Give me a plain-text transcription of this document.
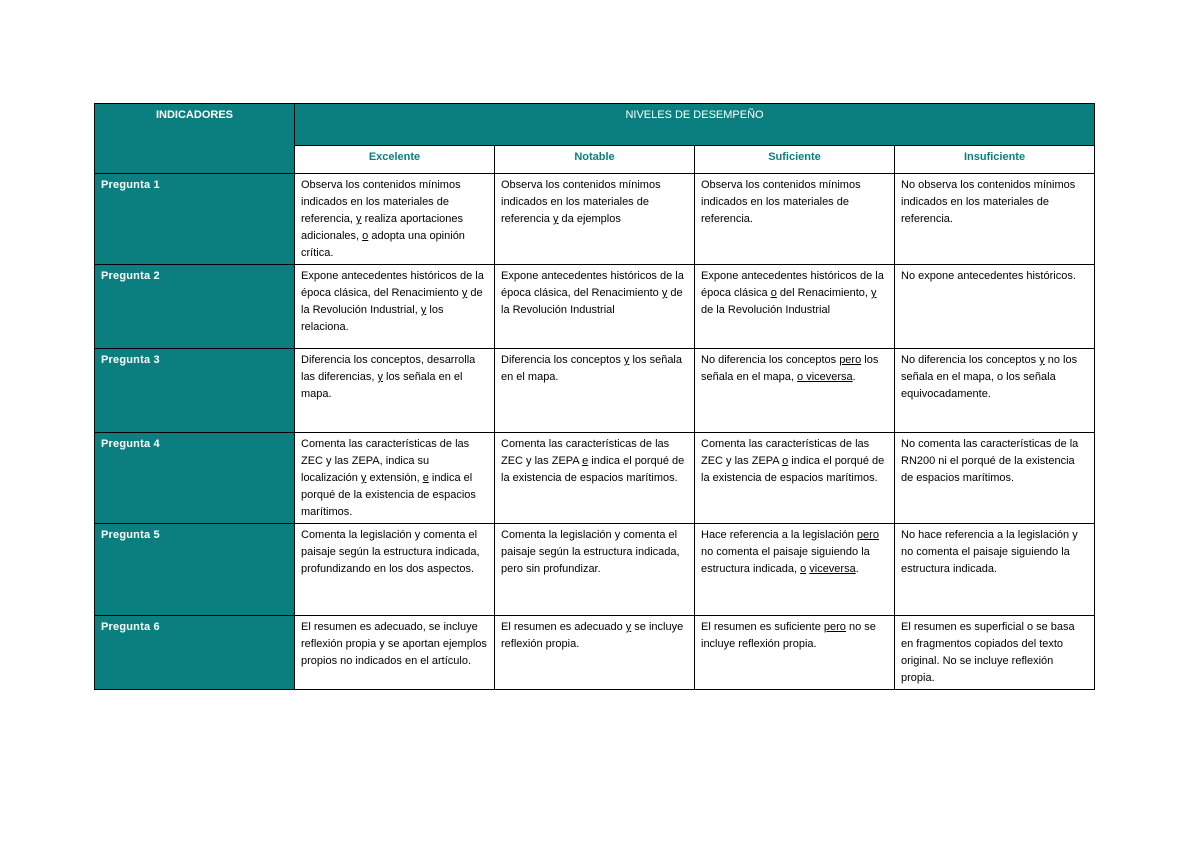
INDICADORES	NIVELES DE DESEMPEÑO			
	Excelente	Notable	Suficiente	Insuficiente
Pregunta 1	Observa los contenidos mínimos indicados en los materiales de referencia, y realiza aportaciones adicionales, o adopta una opinión crítica.	Observa los contenidos mínimos indicados en los materiales de referencia y da ejemplos	Observa los contenidos mínimos indicados en los materiales de referencia.	No observa los contenidos mínimos indicados en los materiales de referencia.
Pregunta 2	Expone antecedentes históricos de la época clásica, del Renacimiento y de la Revolución Industrial, y los relaciona.	Expone antecedentes históricos de la época clásica, del Renacimiento y de la Revolución Industrial	Expone antecedentes históricos de la época clásica o del Renacimiento, y de la Revolución Industrial	No expone antecedentes históricos.
Pregunta 3	Diferencia los conceptos, desarrolla las diferencias, y los señala en el mapa.	Diferencia los conceptos y los señala en el mapa.	No diferencia los conceptos pero los señala en el mapa, o viceversa.	No diferencia los conceptos y no los señala en el mapa, o los señala equivocadamente.
Pregunta 4	Comenta las características de las ZEC y las ZEPA, indica su localización y extensión, e indica el porqué de la existencia de espacios marítimos.	Comenta las características de las ZEC y las ZEPA e indica el porqué de la existencia de espacios marítimos.	Comenta las características de las ZEC y las ZEPA o indica el porqué de la existencia de espacios marítimos.	No comenta las características de la RN200 ni el porqué de la existencia de espacios marítimos.
Pregunta 5	Comenta la legislación y comenta el paisaje según la estructura indicada, profundizando en los dos aspectos.	Comenta la legislación y comenta el paisaje según la estructura indicada, pero sin profundizar.	Hace referencia a la legislación pero no comenta el paisaje siguiendo la estructura indicada, o viceversa.	No hace referencia a la legislación y no comenta el paisaje siguiendo la estructura indicada.
Pregunta 6	El resumen es adecuado, se incluye reflexión propia y se aportan ejemplos propios no indicados en el artículo.	El resumen es adecuado y se incluye reflexión propia.	El resumen es suficiente pero no se incluye reflexión propia.	El resumen es superficial o se basa en fragmentos copiados del texto original. No se incluye reflexión propia.
